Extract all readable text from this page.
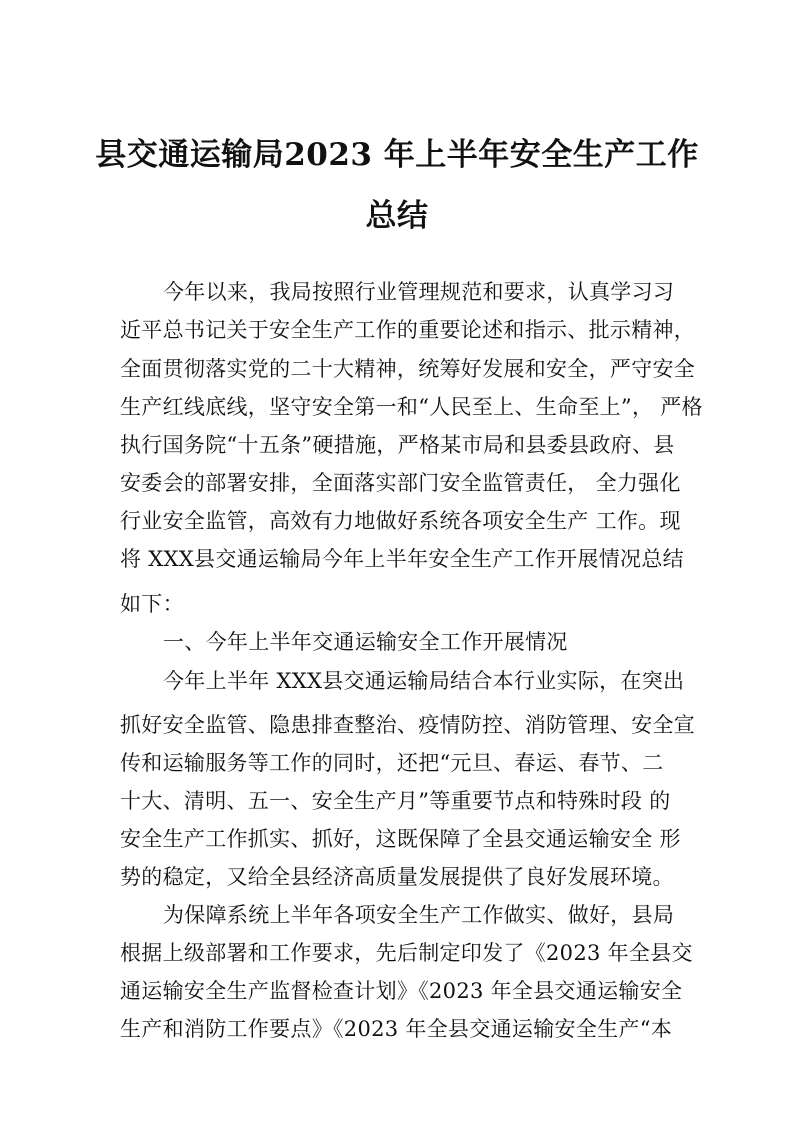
县交通运输局2023 年上半年安全生产工作
总结
今年以来，我局按照行业管理规范和要求，认真学习习
近平总书记关于安全生产工作的重要论述和指示、批示精神，
全面贯彻落实党的二十大精神，统筹好发展和安全，严守安全
生产红线底线，坚守安全第一和“人民至上、生命至上”， 严格
执行国务院“十五条”硬措施，严格某市局和县委县政府、县
安委会的部署安排，全面落实部门安全监管责任， 全力强化
行业安全监管，高效有力地做好系统各项安全生产 工作。现
将 XXX县交通运输局今年上半年安全生产工作开展情况总结
如下：
一、今年上半年交通运输安全工作开展情况
今年上半年 XXX县交通运输局结合本行业实际，在突出
抓好安全监管、隐患排查整治、疫情防控、消防管理、安全宣
传和运输服务等工作的同时，还把“元旦、春运、春节、二
十大、清明、五一、安全生产月”等重要节点和特殊时段 的
安全生产工作抓实、抓好，这既保障了全县交通运输安全 形
势的稳定，又给全县经济高质量发展提供了良好发展环境。
为保障系统上半年各项安全生产工作做实、做好，县局
根据上级部署和工作要求，先后制定印发了《2023 年全县交
通运输安全生产监督检查计划》《2023 年全县交通运输安全
生产和消防工作要点》《2023 年全县交通运输安全生产“本
